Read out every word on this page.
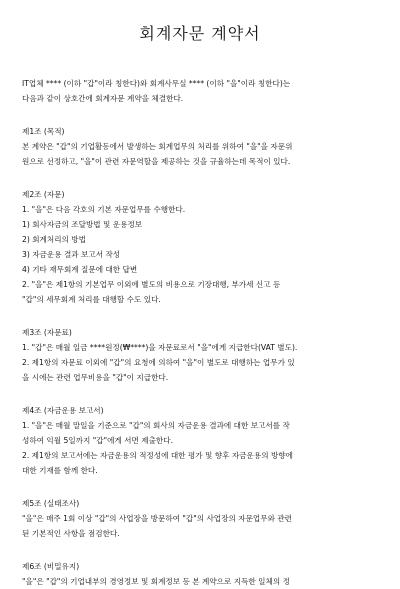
회계자문 계약서

IT업체 **** (이하 "갑"이라 칭한다)와 회계사무실 **** (이하 "을"이라 칭한다)는

다음과 같이 상호간에 회계자문 계약을 체결한다.

제1조 (목적)

본 계약은 "갑"의 기업활동에서 발생하는 회계업무의 처리를 위하여 "을"을 자문위

원으로 선정하고, "을"이 관련 자문역할을 제공하는 것을 규율하는데 목적이 있다.

제2조 (자문)

1. "을"은 다음 각호의 기본 자문업무를 수행한다.

1) 회사자금의 조달방법 및 운용정보

2) 회계처리의 방법

3) 자금운용 결과 보고서 작성

4) 기타 재무회계 질문에 대한 답변

2. "을"은 제1항의 기본업무 이외에 별도의 비용으로 기장대행, 부가세 신고 등

"갑"의 세무회계 처리를 대행할 수도 있다.

제3조 (자문료)

1. "갑"은 매월 일금 ****원정(₩****)을 자문료로서 "을"에게 지급한다(VAT 별도).

2. 제1항의 자문료 이외에 "갑"의 요청에 의하여 "을"이 별도로 대행하는 업무가 있

을 시에는 관련 업무비용을 "갑"이 지급한다.

제4조 (자금운용 보고서)

1. "을"은 매월 말일을 기준으로 "갑"의 회사의 자금운용 결과에 대한 보고서를 작

성하여 익월 5일까지 "갑"에게 서면 제출한다.

2. 제1항의 보고서에는 자금운용의 적정성에 대한 평가 및 향후 자금운용의 방향에

대한 기재를 함께 한다.

제5조 (실태조사)

"을"은 매주 1회 이상 "갑"의 사업장을 방문하여 "갑"의 사업장의 자문업무와 관련

된 기본적인 사항을 점검한다.

제6조 (비밀유지)

"을"은 "갑"의 기업내부의 경영정보 및 회계정보 등 본 계약으로 지득한 일체의 정
